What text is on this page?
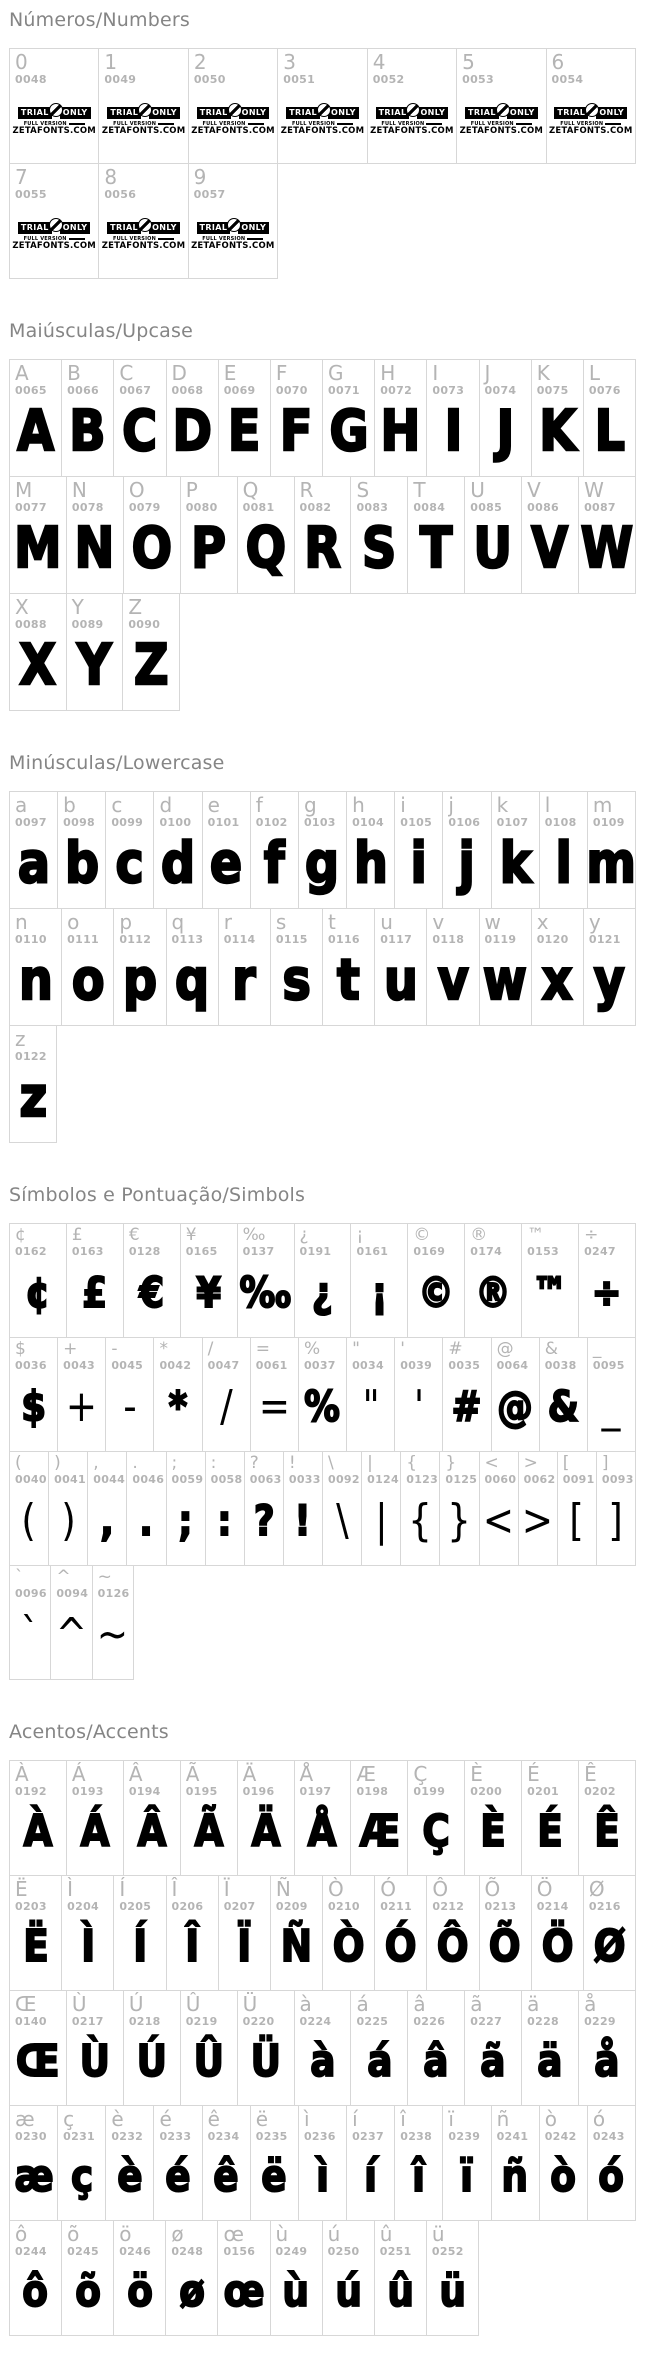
Números/Numbers
0
0048
TRIAL	ONLY
FULL VERSION
ZETAFONTS.COM
1
0049
TRIAL	ONLY
FULL VERSION
ZETAFONTS.COM
2
0050
TRIAL	ONLY
FULL VERSION
ZETAFONTS.COM
3
0051
TRIAL	ONLY
FULL VERSION
ZETAFONTS.COM
4
0052
TRIAL	ONLY
FULL VERSION
ZETAFONTS.COM
5
0053
TRIAL	ONLY
FULL VERSION
ZETAFONTS.COM
6
0054
TRIAL	ONLY
FULL VERSION
ZETAFONTS.COM
7
0055
TRIAL	ONLY
FULL VERSION
ZETAFONTS.COM
8
0056
TRIAL	ONLY
FULL VERSION
ZETAFONTS.COM
9
0057
TRIAL	ONLY
FULL VERSION
ZETAFONTS.COM
Maiúsculas/Upcase
A
0065
A
B
0066
B
C
0067
C
D
0068
D
E
0069
E
F
0070
F
G
0071
G
H
0072
H
I
0073
I
J
0074
J
K
0075
K
L
0076
L
M
0077
M
N
0078
N
O
0079
O
P
0080
P
Q
0081
Q
R
0082
R
S
0083
S
T
0084
T
U
0085
U
V
0086
V
W
0087
W
X
0088
X
Y
0089
Y
Z
0090
Z
Minúsculas/Lowercase
a
0097
a
b
0098
b
c
0099
c
d
0100
d
e
0101
e
f
0102
f
g
0103
g
h
0104
h
i
0105
i
j
0106
j
k
0107
k
l
0108
l
m
0109
m
n
0110
n
o
0111
o
p
0112
p
q
0113
q
r
0114
r
s
0115
s
t
0116
t
u
0117
u
v
0118
v
w
0119
w
x
0120
x
y
0121
y
z
0122
z
Símbolos e Pontuação/Simbols
¢
0162
¢
£
0163
£
€
0128
€
¥
0165
¥
‰
0137
‰
¿
0191
¿
¡
0161
¡
©
0169
©
®
0174
®
™
0153
™
÷
0247
÷
$
0036
$
+
0043
+
-
0045
-
*
0042
*
/
0047
/
=
0061
=
%
0037
%
"
0034
"
'
0039
'
#
0035
#
@
0064
@
&
0038
&
_
0095
_
(
0040
(
)
0041
)
,
0044
,
.
0046
.
;
0059
;
:
0058
:
?
0063
?
!
0033
!
\
0092
\
|
0124
|
{
0123
{
}
0125
}
<
0060
<
>
0062
>
[
0091
[
]
0093
]
`
0096
`
^
0094
^
~
0126
~
Acentos/Accents
À
0192
À
Á
0193
Á
Â
0194
Â
Ã
0195
Ã
Ä
0196
Ä
Å
0197
Å
Æ
0198
Æ
Ç
0199
Ç
È
0200
È
É
0201
É
Ê
0202
Ê
Ë
0203
Ë
Ì
0204
Ì
Í
0205
Í
Î
0206
Î
Ï
0207
Ï
Ñ
0209
Ñ
Ò
0210
Ò
Ó
0211
Ó
Ô
0212
Ô
Õ
0213
Õ
Ö
0214
Ö
Ø
0216
Ø
Œ
0140
Œ
Ù
0217
Ù
Ú
0218
Ú
Û
0219
Û
Ü
0220
Ü
à
0224
à
á
0225
á
â
0226
â
ã
0227
ã
ä
0228
ä
å
0229
å
æ
0230
æ
ç
0231
ç
è
0232
è
é
0233
é
ê
0234
ê
ë
0235
ë
ì
0236
ì
í
0237
í
î
0238
î
ï
0239
ï
ñ
0241
ñ
ò
0242
ò
ó
0243
ó
ô
0244
ô
õ
0245
õ
ö
0246
ö
ø
0248
ø
œ
0156
œ
ù
0249
ù
ú
0250
ú
û
0251
û
ü
0252
ü
